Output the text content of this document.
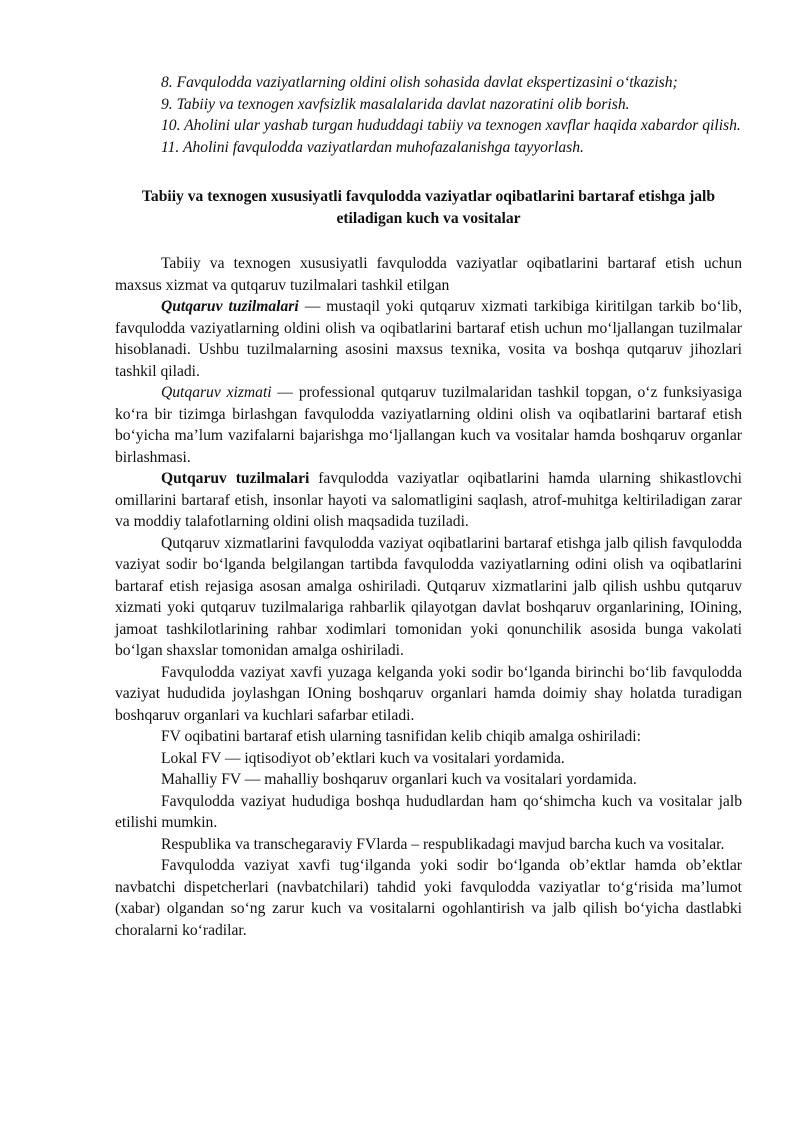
8. Favqulodda vaziyatlarning oldini olish sohasida davlat ekspertizasini o‘tkazish;

9. Tabiiy va texnogen xavfsizlik masalalarida davlat nazoratini olib borish.

10. Aholini ular yashab turgan hududdagi tabiiy va texnogen xavflar haqida xabardor qilish.

11. Aholini favqulodda vaziyatlardan muhofazalanishga tayyorlash.

Tabiiy va texnogen xususiyatli favqulodda vaziyatlar oqibatlarini bartaraf etishga jalb etiladigan kuch va vositalar

Tabiiy va texnogen xususiyatli favqulodda vaziyatlar oqibatlarini bartaraf etish uchun maxsus xizmat va qutqaruv tuzilmalari tashkil etilgan

Qutqaruv tuzilmalari — mustaqil yoki qutqaruv xizmati tarkibiga kiritilgan tarkib bo‘lib, favqulodda vaziyatlarning oldini olish va oqibatlarini bartaraf etish uchun mo‘ljallangan tuzilmalar hisoblanadi. Ushbu tuzilmalarning asosini maxsus texnika, vosita va boshqa qutqaruv jihozlari tashkil qiladi.

Qutqaruv xizmati — professional qutqaruv tuzilmalaridan tashkil topgan, o‘z funksiyasiga ko‘ra bir tizimga birlashgan favqulodda vaziyatlarning oldini olish va oqibatlarini bartaraf etish bo‘yicha ma’lum vazifalarni bajarishga mo‘ljallangan kuch va vositalar hamda boshqaruv organlar birlashmasi.

Qutqaruv tuzilmalari favqulodda vaziyatlar oqibatlarini hamda ularning shikastlovchi omillarini bartaraf etish, insonlar hayoti va salomatligini saqlash, atrof-muhitga keltiriladigan zarar va moddiy talafotlarning oldini olish maqsadida tuziladi.

Qutqaruv xizmatlarini favqulodda vaziyat oqibatlarini bartaraf etishga jalb qilish favqulodda vaziyat sodir bo‘lganda belgilangan tartibda favqulodda vaziyatlarning odini olish va oqibatlarini bartaraf etish rejasiga asosan amalga oshiriladi. Qutqaruv xizmatlarini jalb qilish ushbu qutqaruv xizmati yoki qutqaruv tuzilmalariga rahbarlik qilayotgan davlat boshqaruv organlarining, IOining, jamoat tashkilotlarining rahbar xodimlari tomonidan yoki qonunchilik asosida bunga vakolati bo‘lgan shaxslar tomonidan amalga oshiriladi.

Favqulodda vaziyat xavfi yuzaga kelganda yoki sodir bo‘lganda birinchi bo‘lib favqulodda vaziyat hududida joylashgan IOning boshqaruv organlari hamda doimiy shay holatda turadigan boshqaruv organlari va kuchlari safarbar etiladi.

FV oqibatini bartaraf etish ularning tasnifidan kelib chiqib amalga oshiriladi:

Lokal FV — iqtisodiyot ob’ektlari kuch va vositalari yordamida.

Mahalliy FV — mahalliy boshqaruv organlari kuch va vositalari yordamida.

Favqulodda vaziyat hududiga boshqa hududlardan ham qo‘shimcha kuch va vositalar jalb etilishi mumkin.

Respublika va transchegaraviy FVlarda – respublikadagi mavjud barcha kuch va vositalar.

Favqulodda vaziyat xavfi tug‘ilganda yoki sodir bo‘lganda ob’ektlar hamda ob’ektlar navbatchi dispetcherlari (navbatchilari) tahdid yoki favqulodda vaziyatlar to‘g‘risida ma’lumot (xabar) olgandan so‘ng zarur kuch va vositalarni ogohlantirish va jalb qilish bo‘yicha dastlabki choralarni ko‘radilar.
